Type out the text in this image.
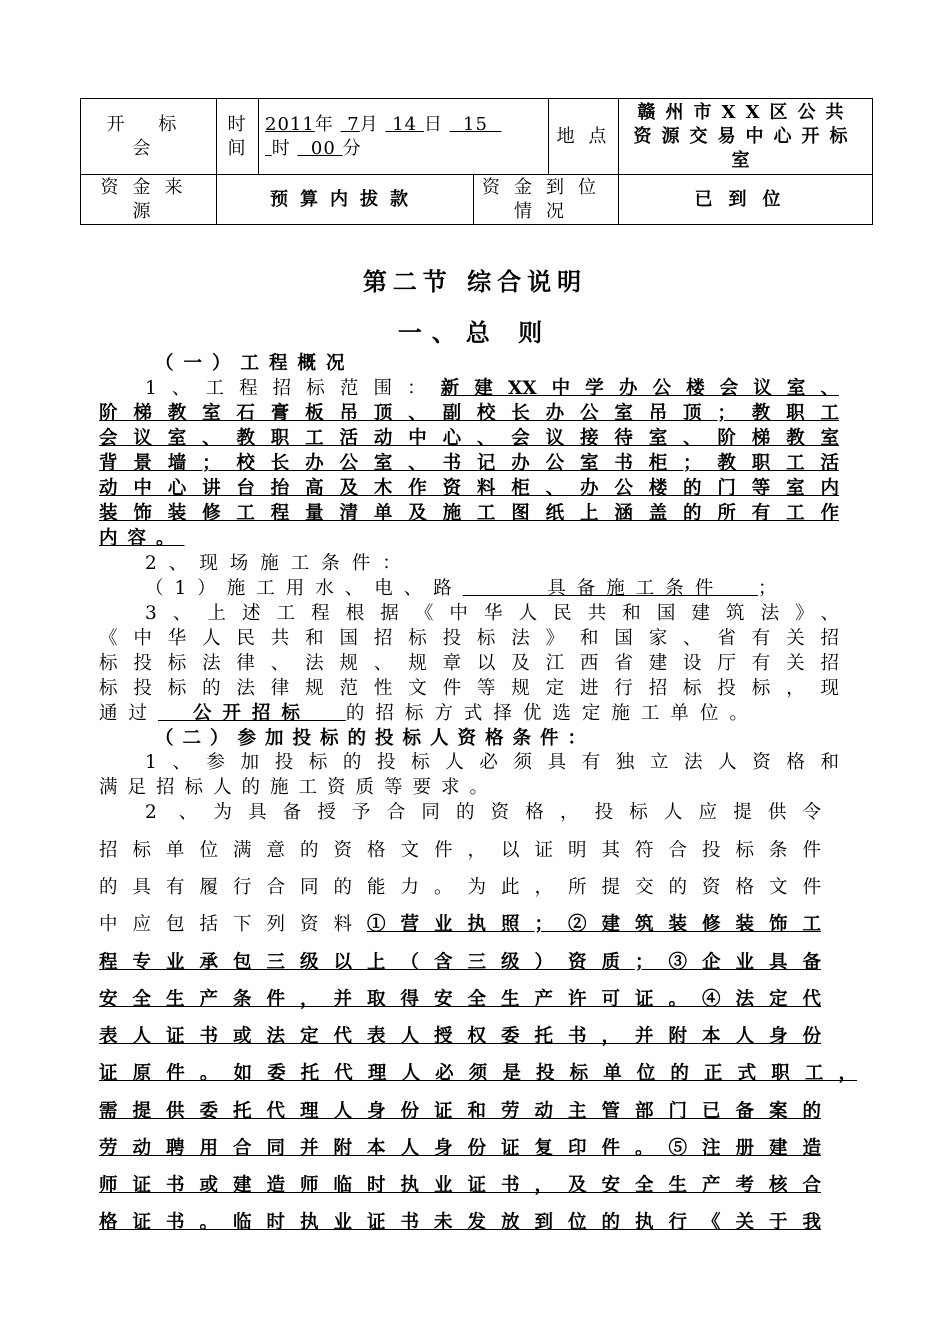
开 标 会	时 间	2011年 7月 14 日 15
时 00 分		地 点	赣州市XX区公共资源交易中心开标室
资金来源	预算内拔款		资金到位情况		已到位
第二节 综合说明
一、总 则
（一）工程概况
1、工程招标范围：新建XX中学办公楼会议室、
阶梯教室石膏板吊顶、副校长办公室吊顶；教职工
会议室、教职工活动中心、会议接待室、阶梯教室
背景墙；校长办公室、书记办公室书柜；教职工活
动中心讲台抬高及木作资料柜、办公楼的门等室内
装饰装修工程量清单及施工图纸上涵盖的所有工作
内容。
2、现场施工条件：
（1）施工用水、电、路	具备施工条件 ；
3、上述工程根据《中华人民共和国建筑法》、
《中华人民共和国招标投标法》和国家、省有关招
标投标法律、法规、规章以及江西省建设厅有关招
标投标的法律规范性文件等规定进行招标投标，现
通过 公开招标 的招标方式择优选定施工单位。
（二）参加投标的投标人资格条件：
1、参加投标的投标人必须具有独立法人资格和
满足招标人的施工资质等要求。
2 、为具备授予合同的资格，投标人应提供令
招标单位满意的资格文件，以证明其符合投标条件
的具有履行合同的能力。为此，所提交的资格文件
中应包括下列资料①营业执照；②建筑装修装饰工
程专业承包三级以上（含三级）资质；③企业具备
安全生产条件，并取得安全生产许可证。④法定代
表人证书或法定代表人授权委托书，并附本人身份
证原件。如委托代理人必须是投标单位的正式职工，
需提供委托代理人身份证和劳动主管部门已备案的
劳动聘用合同并附本人身份证复印件。⑤注册建造
师证书或建造师临时执业证书，及安全生产考核合
格证书。临时执业证书未发放到位的执行《关于我
